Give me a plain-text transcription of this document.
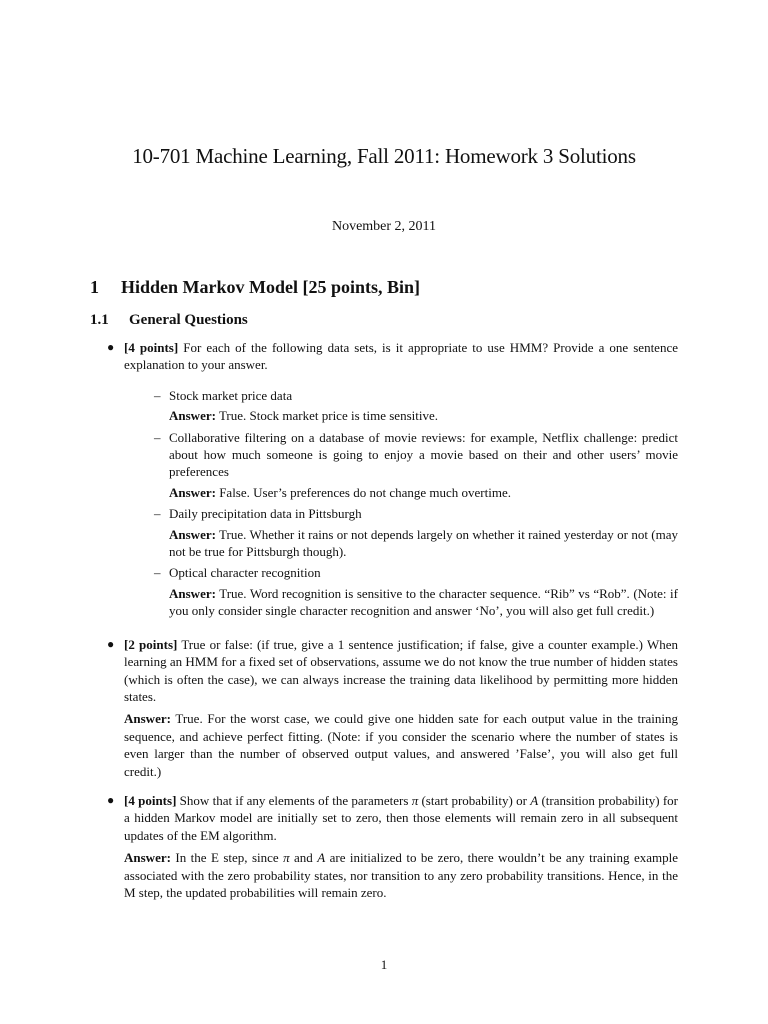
10-701 Machine Learning, Fall 2011: Homework 3 Solutions
November 2, 2011
1 Hidden Markov Model [25 points, Bin]
1.1 General Questions
● [4 points] For each of the following data sets, is it appropriate to use HMM? Provide a one sentence explanation to your answer.
– Stock market price data
Answer: True. Stock market price is time sensitive.
– Collaborative filtering on a database of movie reviews: for example, Netflix challenge: predict about how much someone is going to enjoy a movie based on their and other users’ movie preferences
Answer: False. User’s preferences do not change much overtime.
– Daily precipitation data in Pittsburgh
Answer: True. Whether it rains or not depends largely on whether it rained yesterday or not (may not be true for Pittsburgh though).
– Optical character recognition
Answer: True. Word recognition is sensitive to the character sequence. “Rib” vs “Rob”. (Note: if you only consider single character recognition and answer ‘No’, you will also get full credit.)
● [2 points] True or false: (if true, give a 1 sentence justification; if false, give a counter example.) When learning an HMM for a fixed set of observations, assume we do not know the true number of hidden states (which is often the case), we can always increase the training data likelihood by permitting more hidden states.
Answer: True. For the worst case, we could give one hidden sate for each output value in the training sequence, and achieve perfect fitting. (Note: if you consider the scenario where the number of states is even larger than the number of observed output values, and answered ’False’, you will also get full credit.)
● [4 points] Show that if any elements of the parameters π (start probability) or A (transition probability) for a hidden Markov model are initially set to zero, then those elements will remain zero in all subsequent updates of the EM algorithm.
Answer: In the E step, since π and A are initialized to be zero, there wouldn’t be any training example associated with the zero probability states, nor transition to any zero probability transitions. Hence, in the M step, the updated probabilities will remain zero.
1
